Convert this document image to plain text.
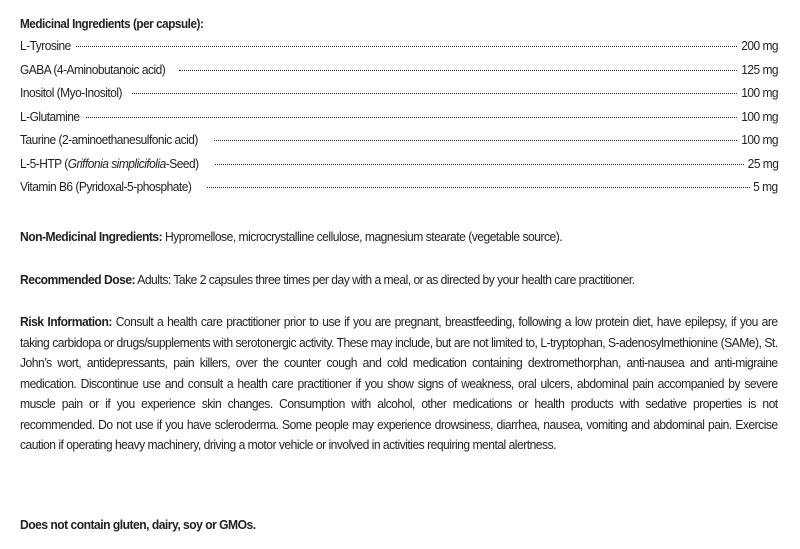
Medicinal Ingredients (per capsule):
L-Tyrosine	200 mg
GABA (4-Aminobutanoic acid)	125 mg
Inositol (Myo-Inositol)	100 mg
L-Glutamine	100 mg
Taurine (2-aminoethanesulfonic acid)	100 mg
L-5-HTP (Griffonia simplicifolia-Seed)	25 mg
Vitamin B6 (Pyridoxal-5-phosphate)	5 mg

Non-Medicinal Ingredients: Hypromellose, microcrystalline cellulose, magnesium stearate (vegetable source).

Recommended Dose: Adults: Take 2 capsules three times per day with a meal, or as directed by your health care practitioner.

Risk Information: Consult a health care practitioner prior to use if you are pregnant, breastfeeding, following a low protein diet, have epilepsy, if you are taking carbidopa or drugs/supplements with serotonergic activity. These may include, but are not limited to, L-tryptophan, S-adenosylmethionine (SAMe), St. John’s wort, antidepressants, pain killers, over the counter cough and cold medication containing dextromethorphan, anti-nausea and anti-migraine medication. Discontinue use and consult a health care practitioner if you show signs of weakness, oral ulcers, abdominal pain accompanied by severe muscle pain or if you experience skin changes. Consumption with alcohol, other medications or health products with sedative properties is not recommended. Do not use if you have scleroderma. Some people may experience drowsiness, diarrhea, nausea, vomiting and abdominal pain. Exercise caution if operating heavy machinery, driving a motor vehicle or involved in activities requiring mental alertness.

Does not contain gluten, dairy, soy or GMOs.
